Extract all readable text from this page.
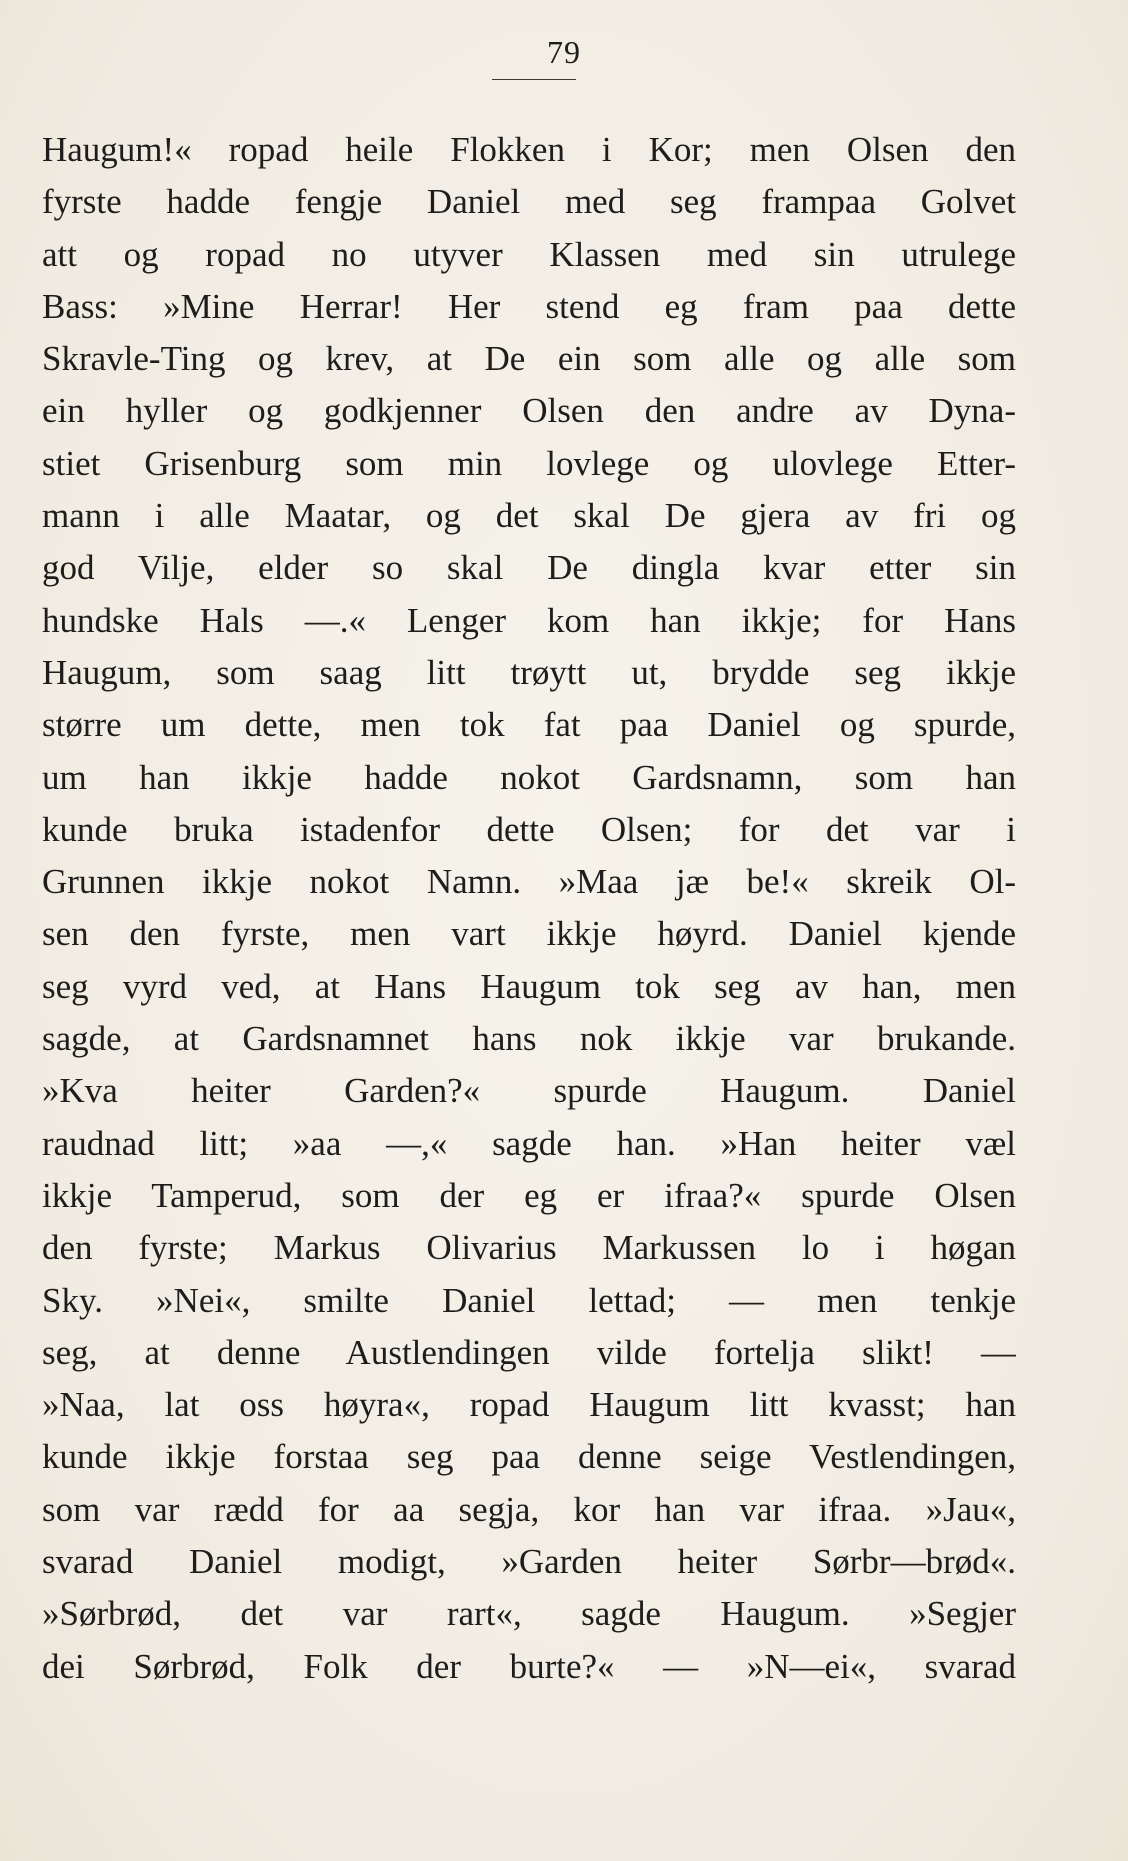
79
Haugum!« ropad heile Flokken i Kor; men Olsen den
fyrste hadde fengje Daniel med seg frampaa Golvet
att og ropad no utyver Klassen med sin utrulege
Bass: »Mine Herrar! Her stend eg fram paa dette
Skravle-Ting og krev, at De ein som alle og alle som
ein hyller og godkjenner Olsen den andre av Dyna-
stiet Grisenburg som min lovlege og ulovlege Etter-
mann i alle Maatar, og det skal De gjera av fri og
god Vilje, elder so skal De dingla kvar etter sin
hundske Hals —.« Lenger kom han ikkje; for Hans
Haugum, som saag litt trøytt ut, brydde seg ikkje
større um dette, men tok fat paa Daniel og spurde,
um han ikkje hadde nokot Gardsnamn, som han
kunde bruka istadenfor dette Olsen; for det var i
Grunnen ikkje nokot Namn. »Maa jæ be!« skreik Ol-
sen den fyrste, men vart ikkje høyrd. Daniel kjende
seg vyrd ved, at Hans Haugum tok seg av han, men
sagde, at Gardsnamnet hans nok ikkje var brukande.
»Kva heiter Garden?« spurde Haugum. Daniel
raudnad litt; »aa —,« sagde han. »Han heiter væl
ikkje Tamperud, som der eg er ifraa?« spurde Olsen
den fyrste; Markus Olivarius Markussen lo i høgan
Sky. »Nei«, smilte Daniel lettad; — men tenkje
seg, at denne Austlendingen vilde fortelja slikt! —
»Naa, lat oss høyra«, ropad Haugum litt kvasst; han
kunde ikkje forstaa seg paa denne seige Vestlendingen,
som var rædd for aa segja, kor han var ifraa. »Jau«,
svarad Daniel modigt, »Garden heiter Sørbr—brød«.
»Sørbrød, det var rart«, sagde Haugum. »Segjer
dei Sørbrød, Folk der burte?« — »N—ei«, svarad
